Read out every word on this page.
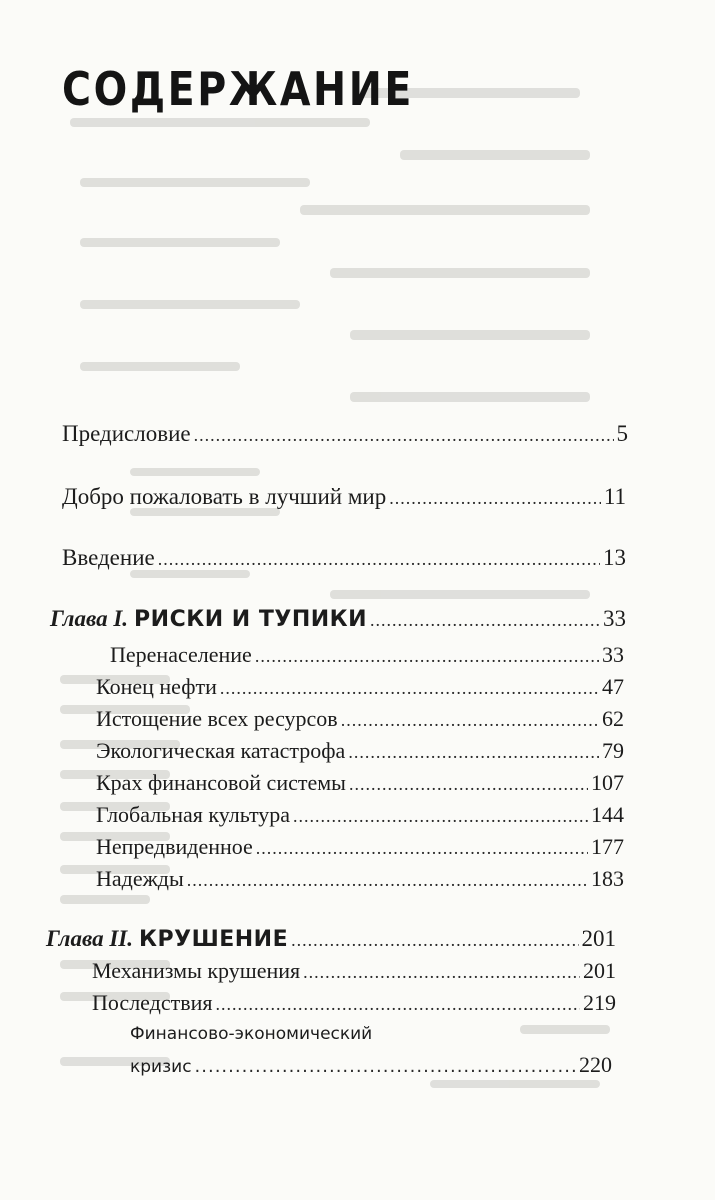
СОДЕРЖАНИЕ
Предисловие .....	5
Добро пожаловать в лучший мир .....	11
Введение .....	13
Глава I. РИСКИ И ТУПИКИ .....	33
Перенаселение .....	33
Конец нефти .....	47
Истощение всех ресурсов .....	62
Экологическая катастрофа .....	79
Крах финансовой системы .....	107
Глобальная культура .....	144
Непредвиденное .....	177
Надежды .....	183
Глава II. КРУШЕНИЕ .....	201
Механизмы крушения .....	201
Последствия .....	219
Финансово-экономический
кризис .....	220
